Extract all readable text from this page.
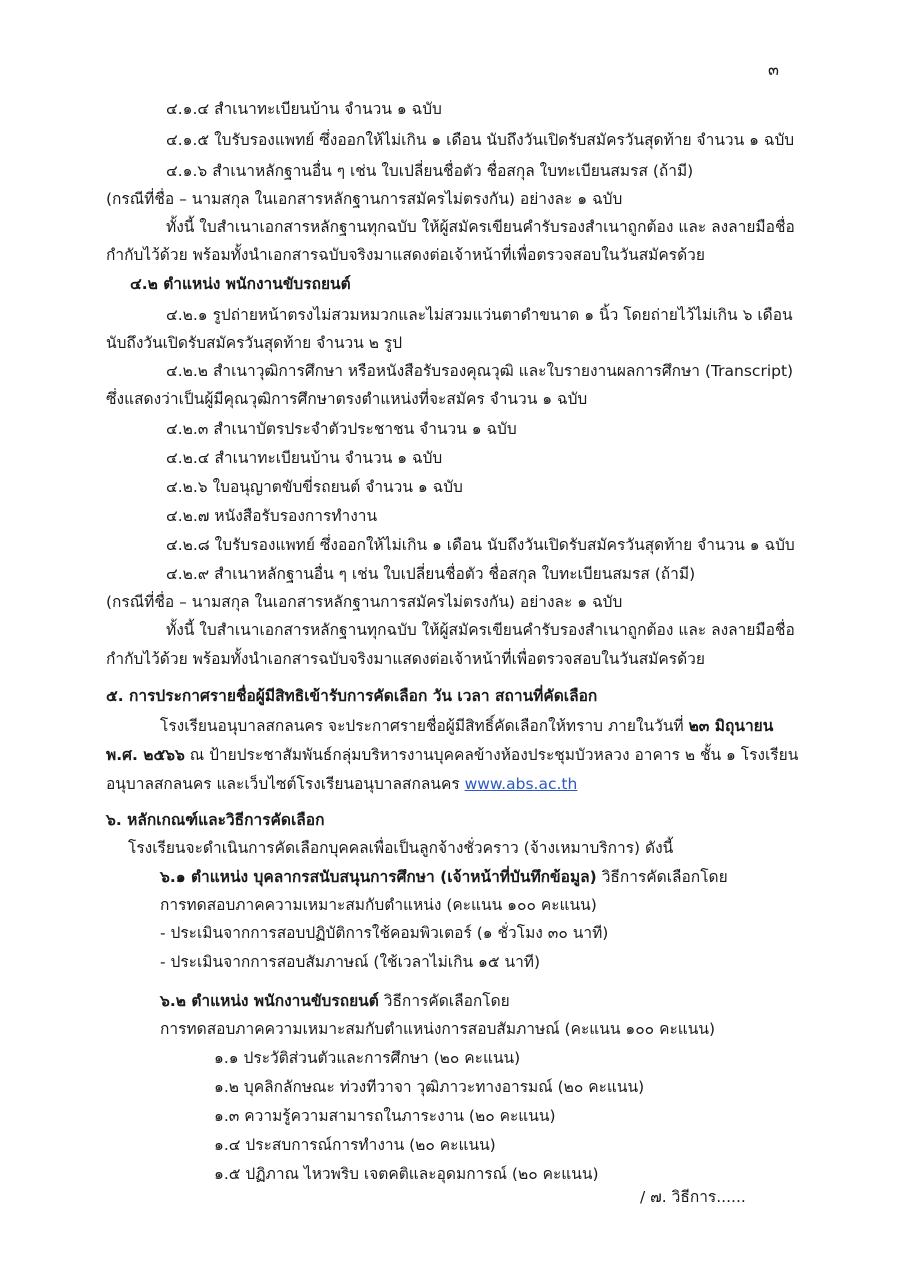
๓
๔.๑.๔ สำเนาทะเบียนบ้าน จำนวน ๑ ฉบับ
๔.๑.๕ ใบรับรองแพทย์ ซึ่งออกให้ไม่เกิน ๑ เดือน นับถึงวันเปิดรับสมัครวันสุดท้าย จำนวน ๑ ฉบับ
๔.๑.๖ สำเนาหลักฐานอื่น ๆ เช่น ใบเปลี่ยนชื่อตัว ชื่อสกุล ใบทะเบียนสมรส (ถ้ามี)
(กรณีที่ชื่อ – นามสกุล ในเอกสารหลักฐานการสมัครไม่ตรงกัน) อย่างละ ๑ ฉบับ
ทั้งนี้ ใบสำเนาเอกสารหลักฐานทุกฉบับ ให้ผู้สมัครเขียนคำรับรองสำเนาถูกต้อง และ ลงลายมือชื่อ
กำกับไว้ด้วย พร้อมทั้งนำเอกสารฉบับจริงมาแสดงต่อเจ้าหน้าที่เพื่อตรวจสอบในวันสมัครด้วย
๔.๒ ตำแหน่ง พนักงานขับรถยนต์
๔.๒.๑ รูปถ่ายหน้าตรงไม่สวมหมวกและไม่สวมแว่นตาดำขนาด ๑ นิ้ว โดยถ่ายไว้ไม่เกิน ๖ เดือน
นับถึงวันเปิดรับสมัครวันสุดท้าย จำนวน ๒ รูป
๔.๒.๒ สำเนาวุฒิการศึกษา หรือหนังสือรับรองคุณวุฒิ และใบรายงานผลการศึกษา (Transcript)
ซึ่งแสดงว่าเป็นผู้มีคุณวุฒิการศึกษาตรงตำแหน่งที่จะสมัคร จำนวน ๑ ฉบับ
๔.๒.๓ สำเนาบัตรประจำตัวประชาชน จำนวน ๑ ฉบับ
๔.๒.๔ สำเนาทะเบียนบ้าน จำนวน ๑ ฉบับ
๔.๒.๖ ใบอนุญาตขับขี่รถยนต์ จำนวน ๑ ฉบับ
๔.๒.๗ หนังสือรับรองการทำงาน
๔.๒.๘ ใบรับรองแพทย์ ซึ่งออกให้ไม่เกิน ๑ เดือน นับถึงวันเปิดรับสมัครวันสุดท้าย จำนวน ๑ ฉบับ
๔.๒.๙ สำเนาหลักฐานอื่น ๆ เช่น ใบเปลี่ยนชื่อตัว ชื่อสกุล ใบทะเบียนสมรส (ถ้ามี)
(กรณีที่ชื่อ – นามสกุล ในเอกสารหลักฐานการสมัครไม่ตรงกัน) อย่างละ ๑ ฉบับ
ทั้งนี้ ใบสำเนาเอกสารหลักฐานทุกฉบับ ให้ผู้สมัครเขียนคำรับรองสำเนาถูกต้อง และ ลงลายมือชื่อ
กำกับไว้ด้วย พร้อมทั้งนำเอกสารฉบับจริงมาแสดงต่อเจ้าหน้าที่เพื่อตรวจสอบในวันสมัครด้วย
๕. การประกาศรายชื่อผู้มีสิทธิเข้ารับการคัดเลือก วัน เวลา สถานที่คัดเลือก
โรงเรียนอนุบาลสกลนคร จะประกาศรายชื่อผู้มีสิทธิ์คัดเลือกให้ทราบ ภายในวันที่ ๒๓ มิถุนายน
พ.ศ. ๒๕๖๖ ณ ป้ายประชาสัมพันธ์กลุ่มบริหารงานบุคคลข้างห้องประชุมบัวหลวง อาคาร ๒ ชั้น ๑ โรงเรียน
อนุบาลสกลนคร และเว็บไซต์โรงเรียนอนุบาลสกลนคร www.abs.ac.th
๖. หลักเกณฑ์และวิธีการคัดเลือก
โรงเรียนจะดำเนินการคัดเลือกบุคคลเพื่อเป็นลูกจ้างชั่วคราว (จ้างเหมาบริการ) ดังนี้
๖.๑ ตำแหน่ง บุคลากรสนับสนุนการศึกษา (เจ้าหน้าที่บันทึกข้อมูล) วิธีการคัดเลือกโดย
การทดสอบภาคความเหมาะสมกับตำแหน่ง (คะแนน ๑๐๐ คะแนน)
- ประเมินจากการสอบปฏิบัติการใช้คอมพิวเตอร์ (๑ ชั่วโมง ๓๐ นาที)
- ประเมินจากการสอบสัมภาษณ์ (ใช้เวลาไม่เกิน ๑๕ นาที)
๖.๒ ตำแหน่ง พนักงานขับรถยนต์ วิธีการคัดเลือกโดย
การทดสอบภาคความเหมาะสมกับตำแหน่งการสอบสัมภาษณ์ (คะแนน ๑๐๐ คะแนน)
๑.๑ ประวัติส่วนตัวและการศึกษา (๒๐ คะแนน)
๑.๒ บุคลิกลักษณะ ท่วงทีวาจา วุฒิภาวะทางอารมณ์ (๒๐ คะแนน)
๑.๓ ความรู้ความสามารถในภาระงาน (๒๐ คะแนน)
๑.๔ ประสบการณ์การทำงาน (๒๐ คะแนน)
๑.๕ ปฏิภาณ ไหวพริบ เจตคติและอุดมการณ์ (๒๐ คะแนน)
/ ๗. วิธีการ......
